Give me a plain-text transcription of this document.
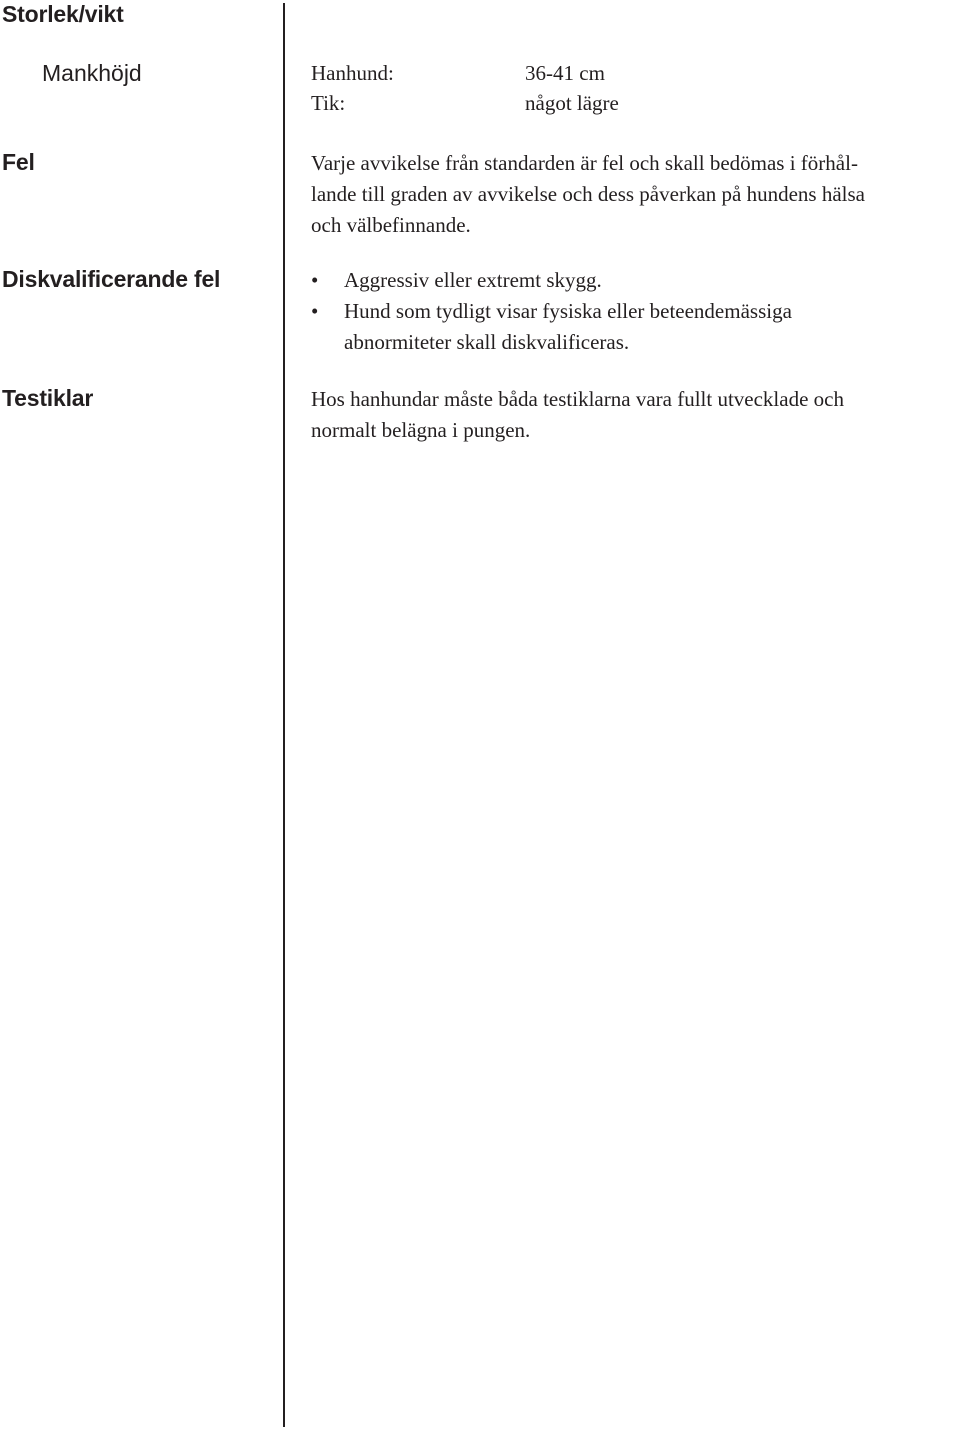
Storlek/vikt
Mankhöjd
Fel
Diskvalificerande fel
Testiklar
Hanhund:	36-41 cm
Tik:	något lägre
Varje avvikelse från standarden är fel och skall bedömas i förhål-
lande till graden av avvikelse och dess påverkan på hundens hälsa
och välbefinnande.
• Aggressiv eller extremt skygg.
• Hund som tydligt visar fysiska eller beteendemässiga
abnormiteter skall diskvalificeras.
Hos hanhundar måste båda testiklarna vara fullt utvecklade och
normalt belägna i pungen.
